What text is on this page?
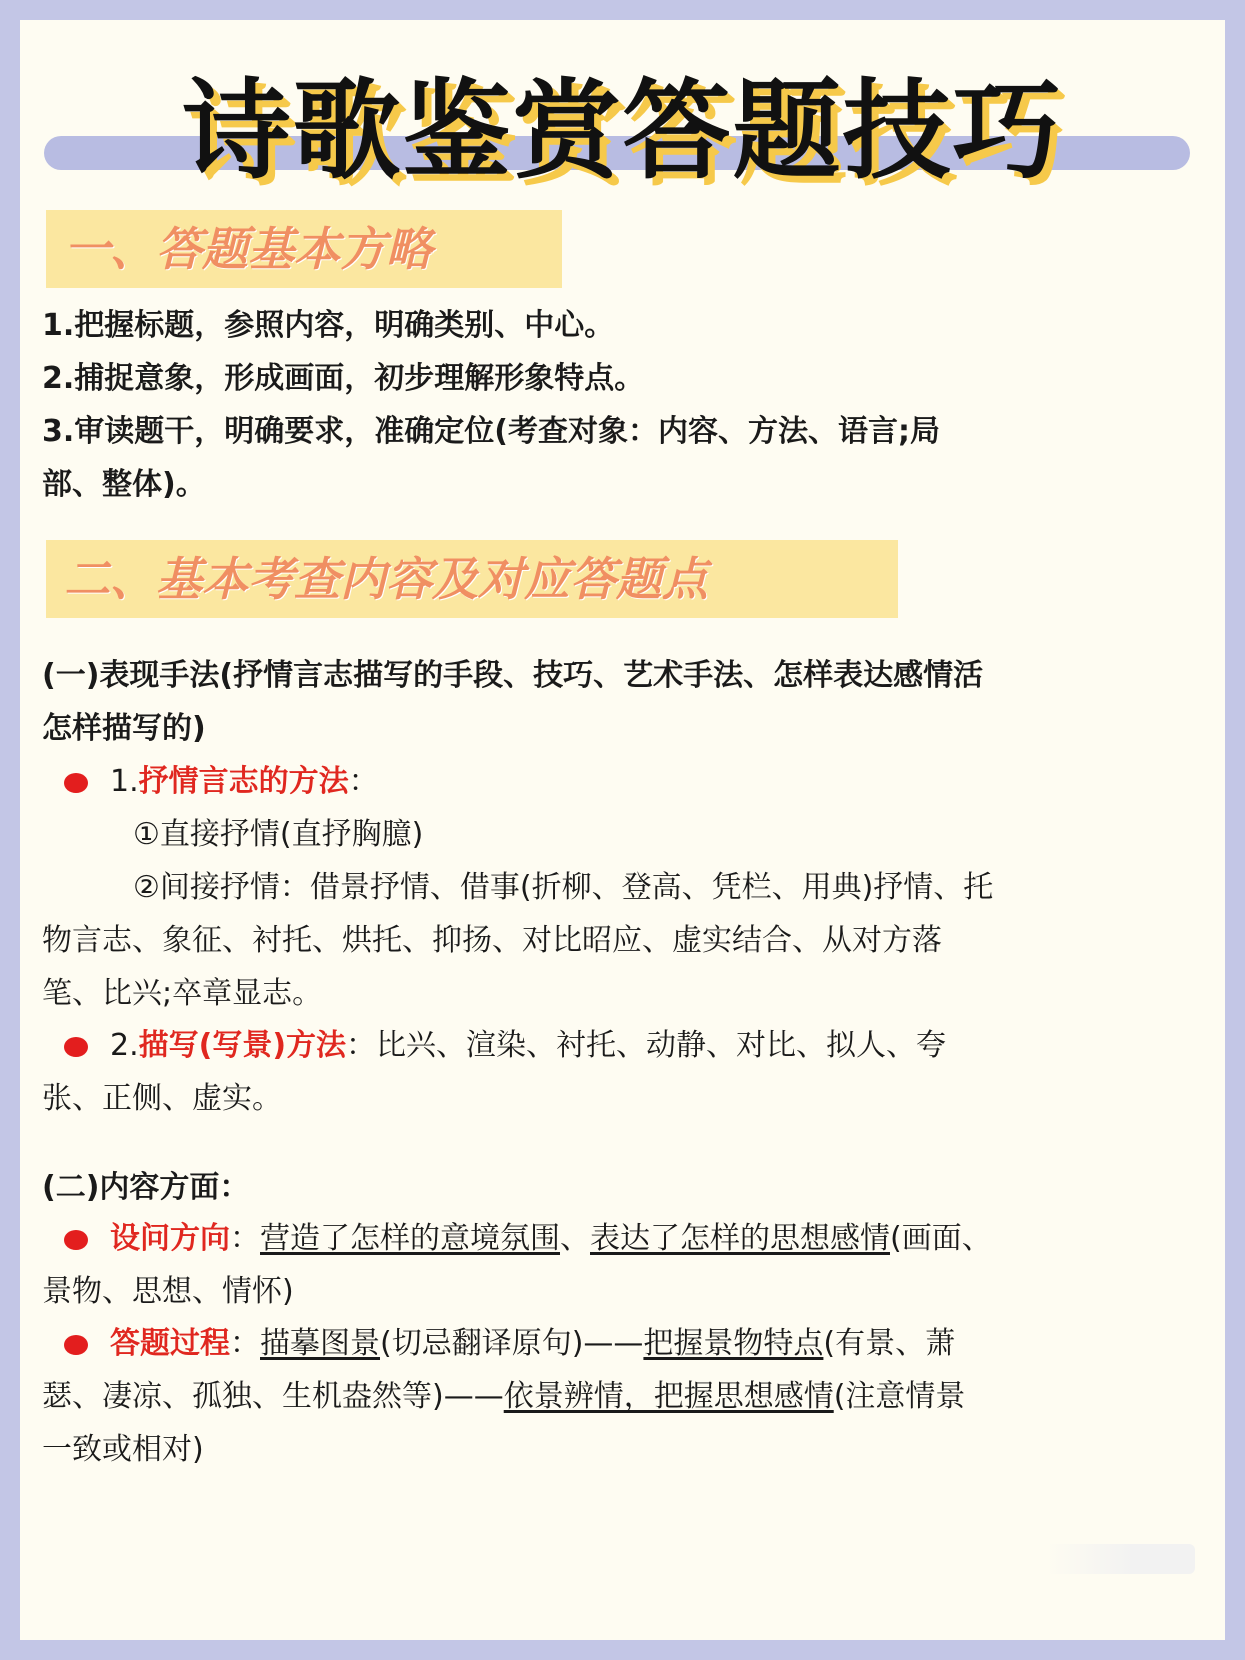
诗歌鉴赏答题技巧
一、答题基本方略
1.把握标题，参照内容，明确类别、中心。
2.捕捉意象，形成画面，初步理解形象特点。
3.审读题干，明确要求，准确定位(考查对象：内容、方法、语言;局
部、整体)。
二、基本考查内容及对应答题点
(一)表现手法(抒情言志描写的手段、技巧、艺术手法、怎样表达感情活
怎样描写的)
1.抒情言志的方法：
①直接抒情(直抒胸臆)
②间接抒情：借景抒情、借事(折柳、登高、凭栏、用典)抒情、托
物言志、象征、衬托、烘托、抑扬、对比昭应、虚实结合、从对方落
笔、比兴;卒章显志。
2.描写(写景)方法：比兴、渲染、衬托、动静、对比、拟人、夸
张、正侧、虚实。
(二)内容方面：
设问方向：营造了怎样的意境氛围、表达了怎样的思想感情(画面、
景物、思想、情怀)
答题过程：描摹图景(切忌翻译原句)——把握景物特点(有景、萧
瑟、凄凉、孤独、生机盎然等)——依景辨情，把握思想感情(注意情景
一致或相对)
